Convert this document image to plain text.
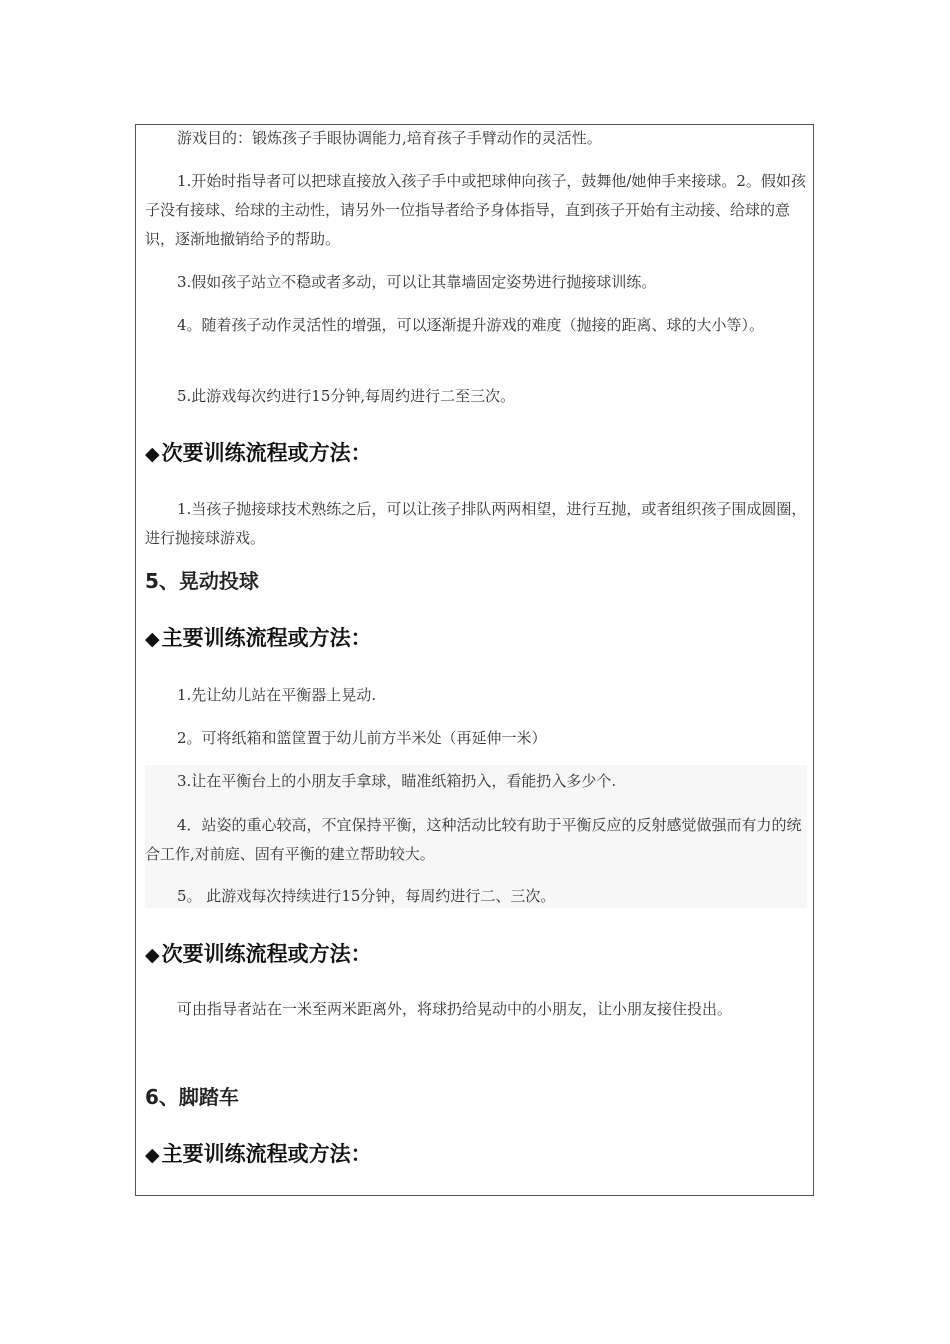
游戏目的：锻炼孩子手眼协调能力,培育孩子手臂动作的灵活性。

1.开始时指导者可以把球直接放入孩子手中或把球伸向孩子，鼓舞他/她伸手来接球。2。假如孩子没有接球、给球的主动性，请另外一位指导者给予身体指导，直到孩子开始有主动接、给球的意识，逐渐地撤销给予的帮助。

3.假如孩子站立不稳或者多动，可以让其靠墙固定姿势进行抛接球训练。

4。随着孩子动作灵活性的增强，可以逐渐提升游戏的难度（抛接的距离、球的大小等）。

5.此游戏每次约进行15分钟,每周约进行二至三次。

◆次要训练流程或方法：

1.当孩子抛接球技术熟练之后，可以让孩子排队两两相望，进行互抛，或者组织孩子围成圆圈，进行抛接球游戏。

5、晃动投球
◆主要训练流程或方法：

1.先让幼儿站在平衡器上晃动.

2。可将纸箱和篮筐置于幼儿前方半米处（再延伸一米）

3.让在平衡台上的小朋友手拿球，瞄准纸箱扔入，看能扔入多少个.

4．站姿的重心较高，不宜保持平衡，这种活动比较有助于平衡反应的反射感觉做强而有力的统合工作,对前庭、固有平衡的建立帮助较大。

5。 此游戏每次持续进行15分钟，每周约进行二、三次。

◆次要训练流程或方法：

可由指导者站在一米至两米距离外，将球扔给晃动中的小朋友，让小朋友接住投出。

6、脚踏车
◆主要训练流程或方法：
